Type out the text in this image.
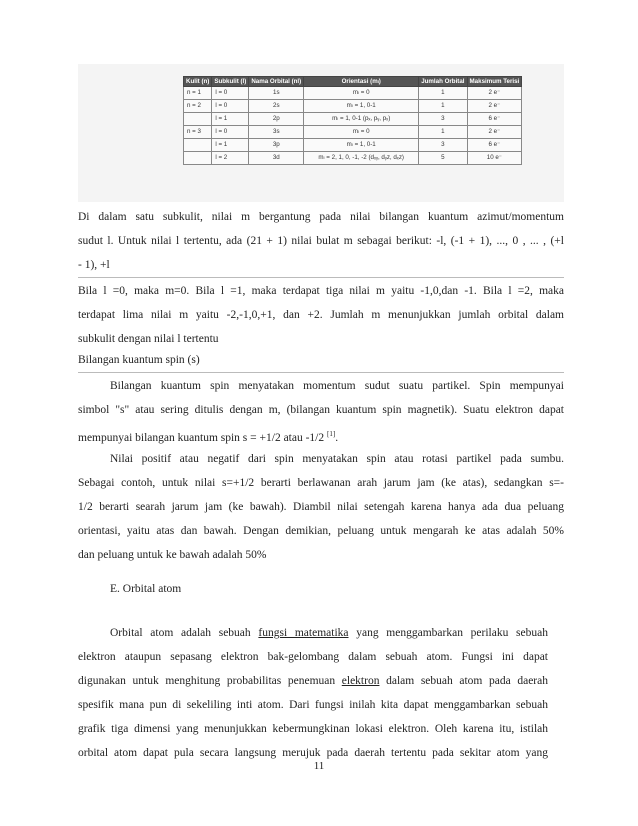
Kulit (n)	Subkulit (l)	Nama Orbital (nl)	Orientasi (mₗ)	Jumlah Orbital	Maksimum Terisi
n = 1	l = 0	1s	mₗ = 0	1	2 e⁻
n = 2	l = 0	2s	mₗ = 1, 0-1	1	2 e⁻
	l = 1	2p	mₗ = 1, 0-1 (pₓ, pᵧ, pₓ)	3	6 e⁻
n = 3	l = 0	3s	mₗ = 0	1	2 e⁻
	l = 1	3p	mₗ = 1, 0-1	3	6 e⁻
	l = 2	3d	mₗ = 2, 1, 0, -1, -2 (dₓᵧ, dᵧz, dₓz)	5	10 e⁻
Di dalam satu subkulit, nilai m bergantung pada nilai bilangan kuantum azimut/momentum
sudut l. Untuk nilai l tertentu, ada (21 + 1) nilai bulat m sebagai berikut: -l, (-1 + 1), ..., 0 , ... , (+l
- 1), +l
Bila l =0, maka m=0. Bila l =1, maka terdapat tiga nilai m yaitu -1,0,dan -1. Bila l =2, maka
terdapat lima nilai m yaitu -2,-1,0,+1, dan +2. Jumlah m menunjukkan jumlah orbital dalam
subkulit dengan nilai l tertentu
Bilangan kuantum spin (s)
Bilangan kuantum spin menyatakan momentum sudut suatu partikel. Spin mempunyai
simbol "s" atau sering ditulis dengan m, (bilangan kuantum spin magnetik). Suatu elektron dapat
mempunyai bilangan kuantum spin s = +1/2 atau -1/2 [1].
Nilai positif atau negatif dari spin menyatakan spin atau rotasi partikel pada sumbu.
Sebagai contoh, untuk nilai s=+1/2 berarti berlawanan arah jarum jam (ke atas), sedangkan s=-
1/2 berarti searah jarum jam (ke bawah). Diambil nilai setengah karena hanya ada dua peluang
orientasi, yaitu atas dan bawah. Dengan demikian, peluang untuk mengarah ke atas adalah 50%
dan peluang untuk ke bawah adalah 50%
E. Orbital atom
Orbital atom adalah sebuah fungsi matematika yang menggambarkan perilaku sebuah
elektron ataupun sepasang elektron bak-gelombang dalam sebuah atom. Fungsi ini dapat
digunakan untuk menghitung probabilitas penemuan elektron dalam sebuah atom pada daerah
spesifik mana pun di sekeliling inti atom. Dari fungsi inilah kita dapat menggambarkan sebuah
grafik tiga dimensi yang menunjukkan kebermungkinan lokasi elektron. Oleh karena itu, istilah
orbital atom dapat pula secara langsung merujuk pada daerah tertentu pada sekitar atom yang
11
